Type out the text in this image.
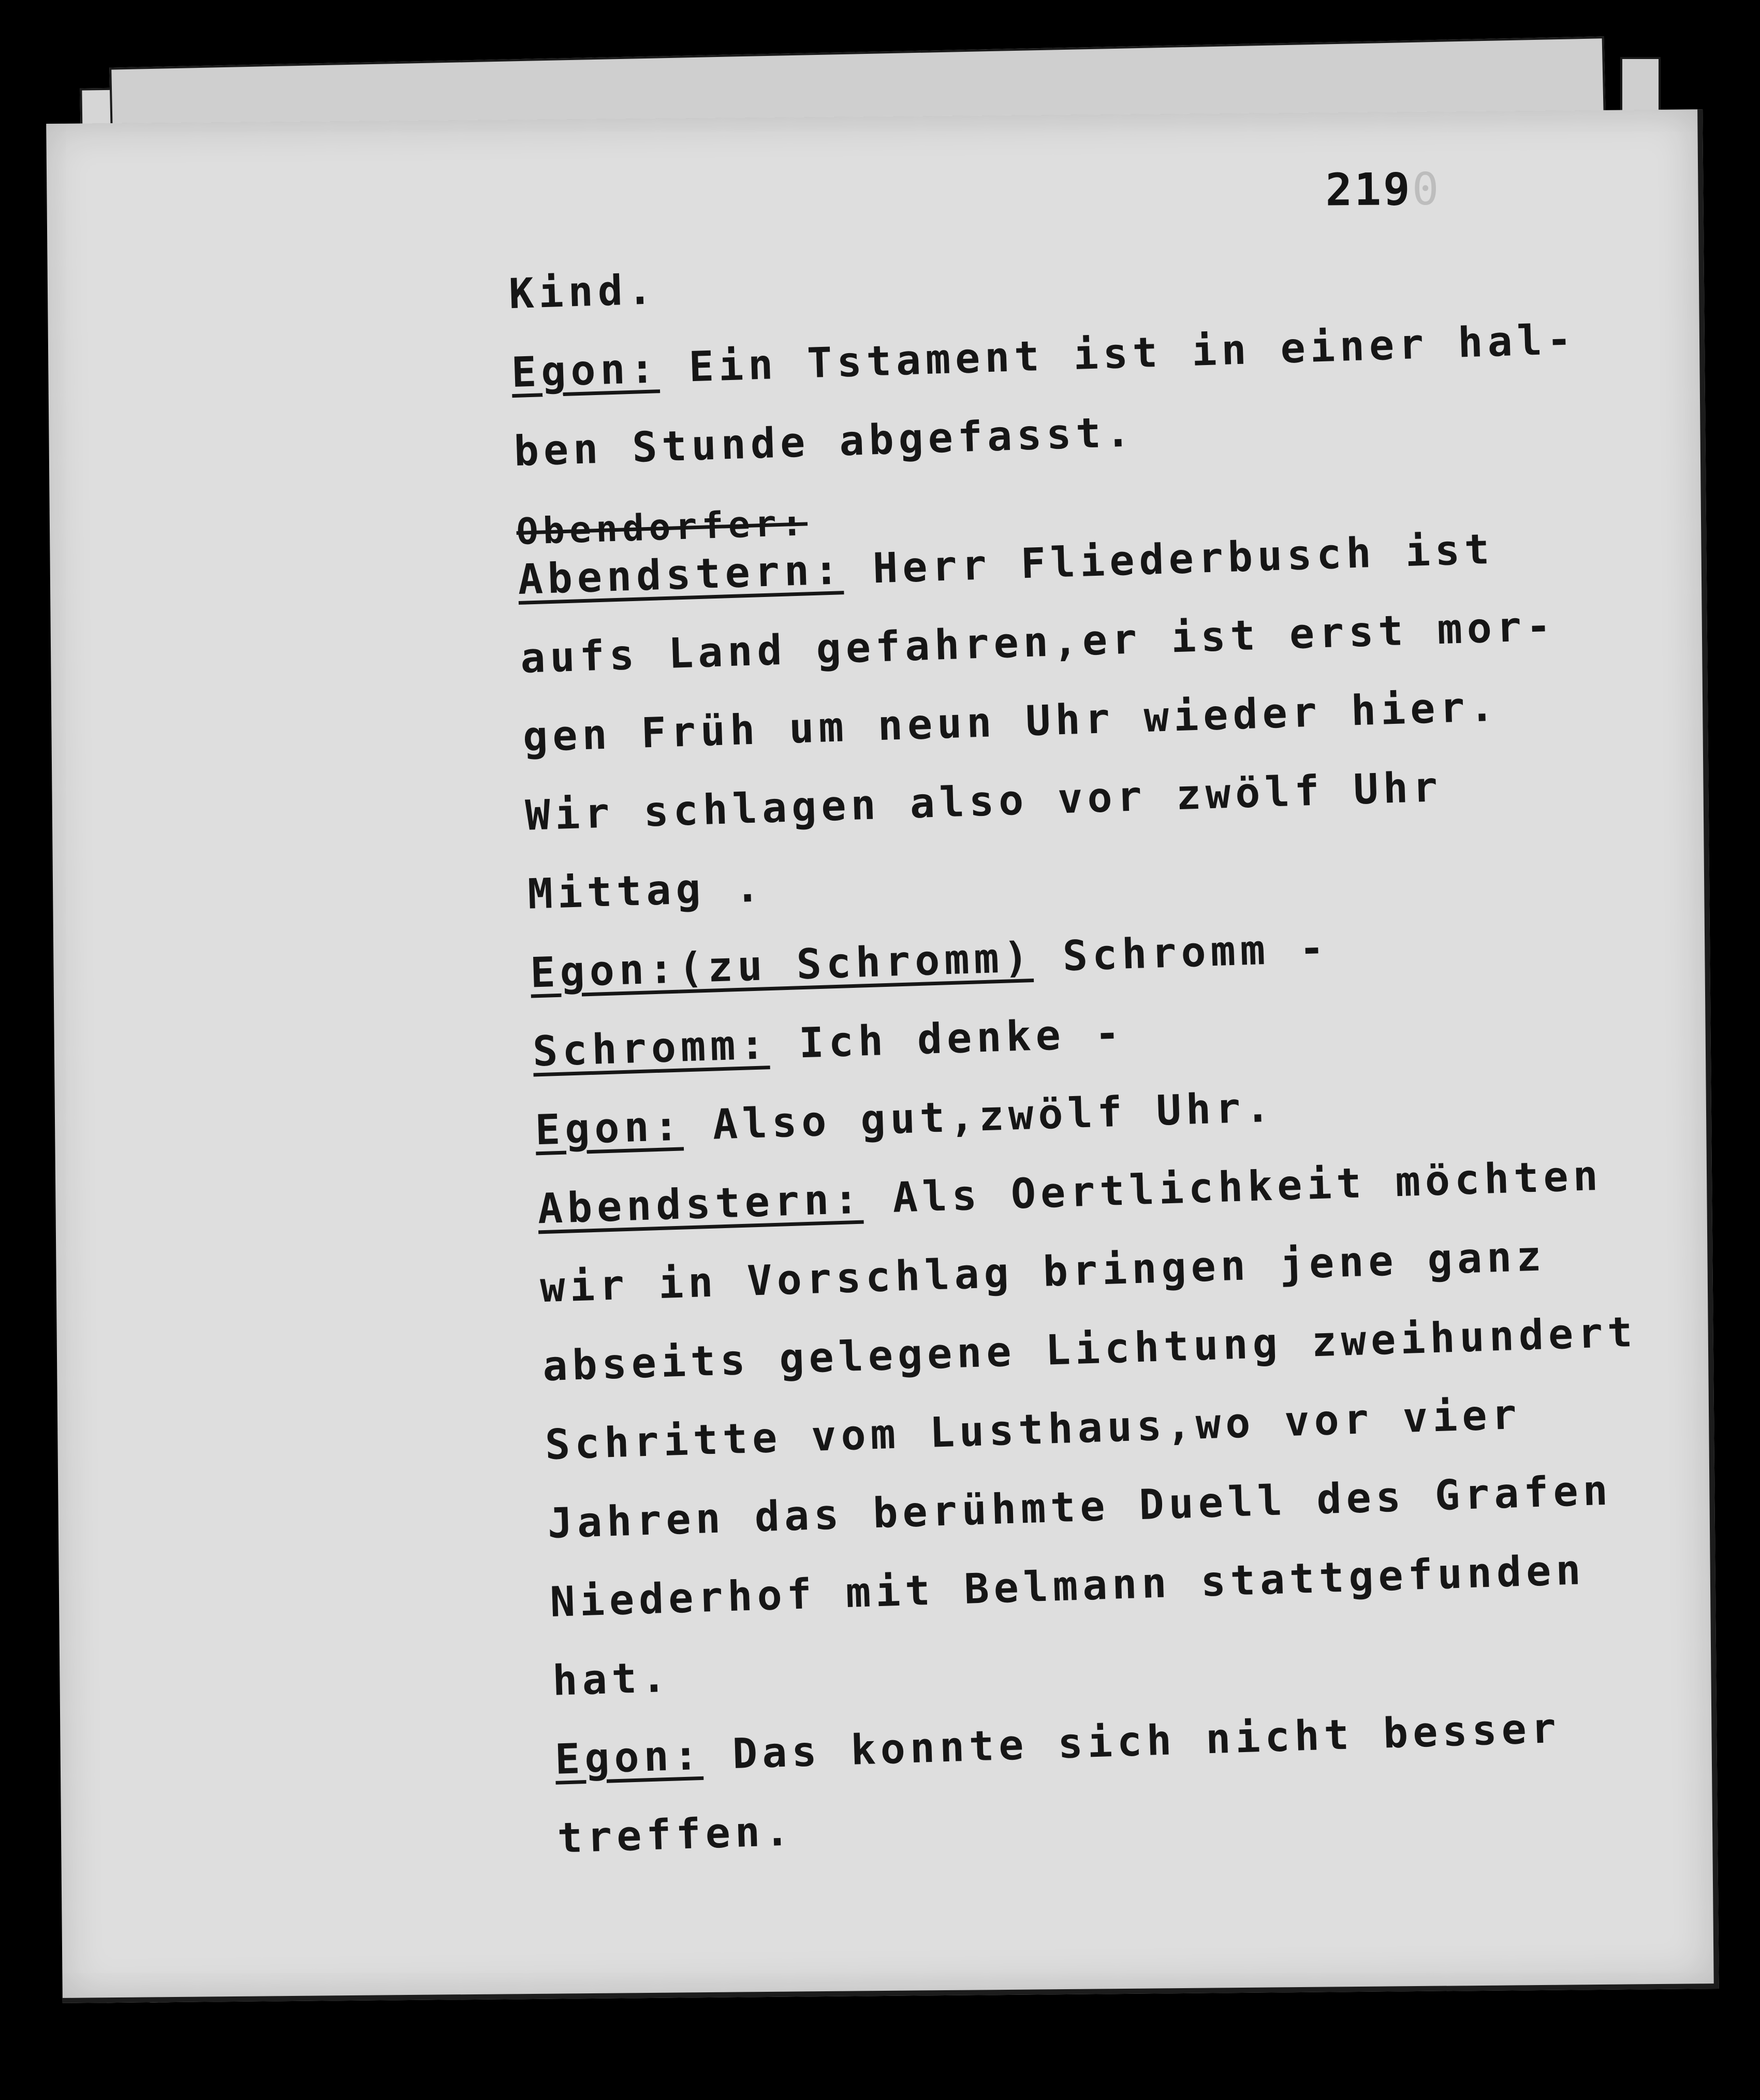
2190
Kind.
Egon: Ein Tstament ist in einer hal-
ben Stunde abgefasst.
Obendorfer:
Abendstern: Herr Fliederbusch ist
aufs Land gefahren,er ist erst mor-
gen Früh um neun Uhr wieder hier.
Wir schlagen also vor zwölf Uhr
Mittag .
Egon:(zu Schromm) Schromm -
Schromm: Ich denke -
Egon: Also gut,zwölf Uhr.
Abendstern: Als Oertlichkeit möchten
wir in Vorschlag bringen jene ganz
abseits gelegene Lichtung zweihundert
Schritte vom Lusthaus,wo vor vier
Jahren das berühmte Duell des Grafen
Niederhof mit Belmann stattgefunden
hat.
Egon: Das konnte sich nicht besser
treffen.
